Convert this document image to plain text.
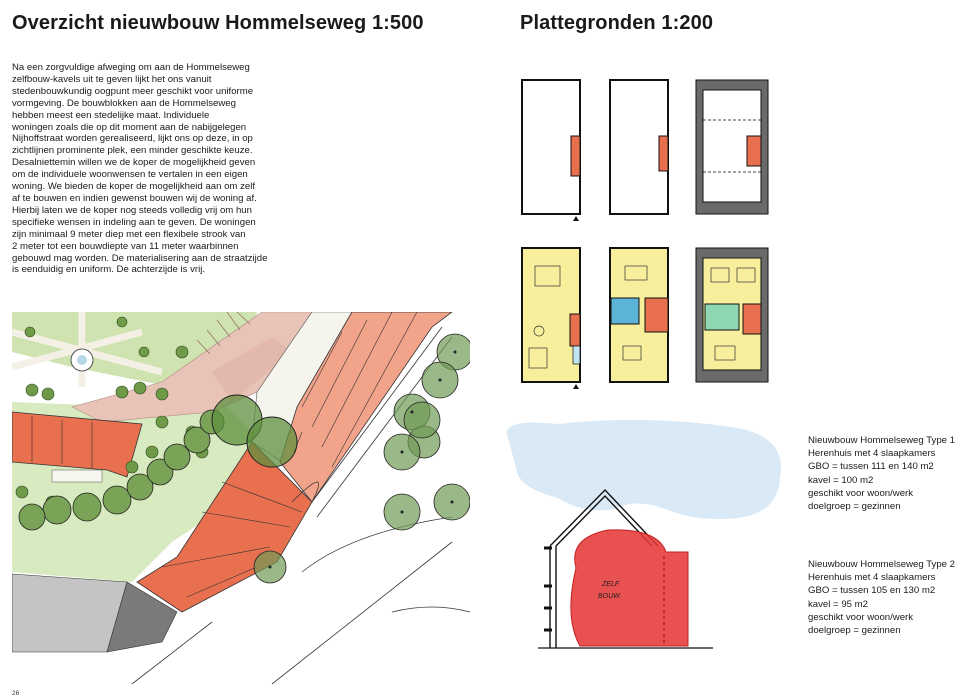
Overzicht nieuwbouw Hommelseweg 1:500	Plattegronden 1:200
Na een zorgvuldige afweging om aan de Hommelseweg
zelfbouw-kavels uit te geven lijkt het ons vanuit
stedenbouwkundig oogpunt meer geschikt voor uniforme
vormgeving. De bouwblokken aan de Hommelseweg
hebben meest een stedelijke maat. Individuele
woningen zoals die op dit moment aan de nabijgelegen
Nijhoffstraat worden gerealiseerd, lijkt ons op deze, in op
zichtlijnen prominente plek, een minder geschikte keuze.
Desalniettemin willen we de koper de mogelijkheid geven
om de individuele woonwensen te vertalen in een eigen
woning. We bieden de koper de mogelijkheid aan om zelf
af te bouwen en indien gewenst bouwen wij de woning af.
Hierbij laten we de koper nog steeds volledig vrij om hun
specifieke wensen in indeling aan te geven. De woningen
zijn minimaal 9 meter diep met een flexibele strook van
2 meter tot een bouwdiepte van 11 meter waarbinnen
gebouwd mag worden. De materialisering aan de straatzijde
is eenduidig en uniform. De achterzijde is vrij.
ZELF
BOUW.
Nieuwbouw Hommelseweg Type 1
Herenhuis met 4 slaapkamers
GBO = tussen 111 en 140 m2
kavel = 100 m2
geschikt voor woon/werk
doelgroep = gezinnen
Nieuwbouw Hommelseweg Type 2
Herenhuis met 4 slaapkamers
GBO = tussen 105 en 130 m2
kavel = 95 m2
geschikt voor woon/werk
doelgroep = gezinnen
26
